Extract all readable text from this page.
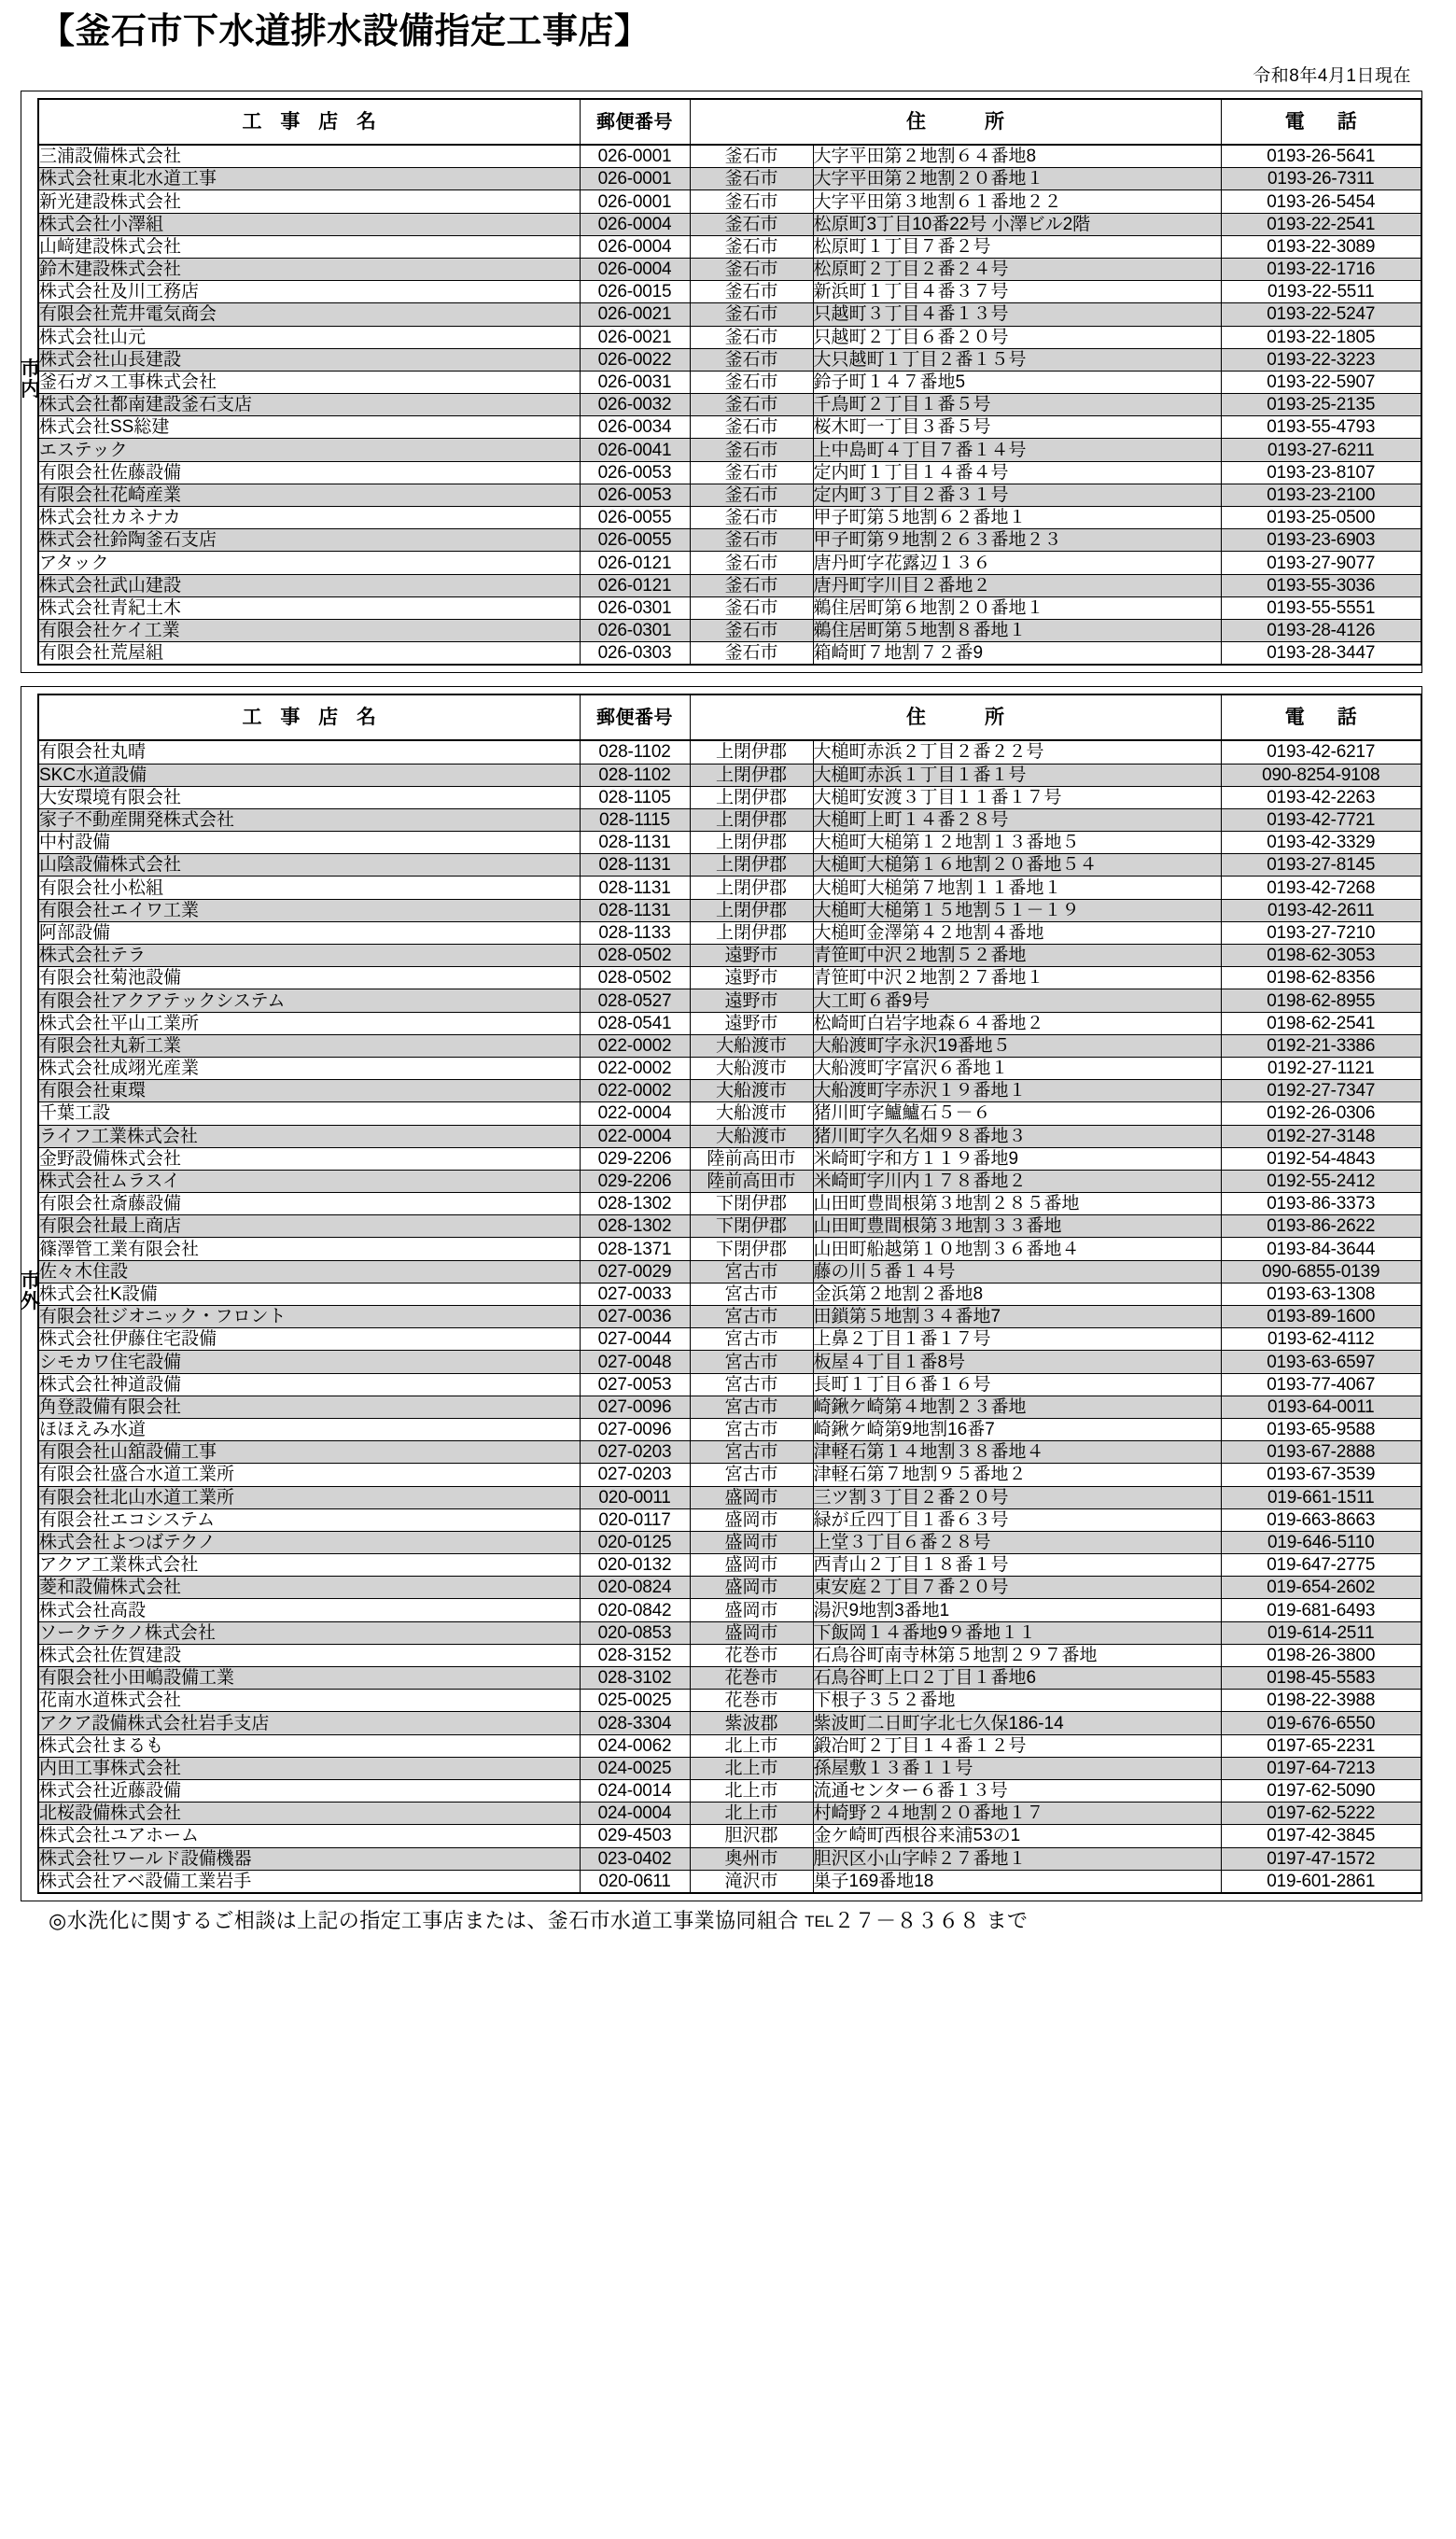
【釜石市下水道排水設備指定工事店】
令和8年4月1日現在
市
内
工 事 店 名	郵便番号	住　　所		電　話
三浦設備株式会社	026-0001	釜石市	大字平田第２地割６４番地8	0193-26-5641
株式会社東北水道工事	026-0001	釜石市	大字平田第２地割２０番地１	0193-26-7311
新光建設株式会社	026-0001	釜石市	大字平田第３地割６１番地２２	0193-26-5454
株式会社小澤組	026-0004	釜石市	松原町3丁目10番22号 小澤ビル2階	0193-22-2541
山﨑建設株式会社	026-0004	釜石市	松原町１丁目７番２号	0193-22-3089
鈴木建設株式会社	026-0004	釜石市	松原町２丁目２番２４号	0193-22-1716
株式会社及川工務店	026-0015	釜石市	新浜町１丁目４番３７号	0193-22-5511
有限会社荒井電気商会	026-0021	釜石市	只越町３丁目４番１３号	0193-22-5247
株式会社山元	026-0021	釜石市	只越町２丁目６番２０号	0193-22-1805
株式会社山長建設	026-0022	釜石市	大只越町１丁目２番１５号	0193-22-3223
釜石ガス工事株式会社	026-0031	釜石市	鈴子町１４７番地5	0193-22-5907
株式会社都南建設釜石支店	026-0032	釜石市	千鳥町２丁目１番５号	0193-25-2135
株式会社SS総建	026-0034	釜石市	桜木町一丁目３番５号	0193-55-4793
エステック	026-0041	釜石市	上中島町４丁目７番１４号	0193-27-6211
有限会社佐藤設備	026-0053	釜石市	定内町１丁目１４番４号	0193-23-8107
有限会社花崎産業	026-0053	釜石市	定内町３丁目２番３１号	0193-23-2100
株式会社カネナカ	026-0055	釜石市	甲子町第５地割６２番地１	0193-25-0500
株式会社鈴陶釜石支店	026-0055	釜石市	甲子町第９地割２６３番地２３	0193-23-6903
アタック	026-0121	釜石市	唐丹町字花露辺１３６	0193-27-9077
株式会社武山建設	026-0121	釜石市	唐丹町字川目２番地２	0193-55-3036
株式会社青紀土木	026-0301	釜石市	鵜住居町第６地割２０番地１	0193-55-5551
有限会社ケイ工業	026-0301	釜石市	鵜住居町第５地割８番地１	0193-28-4126
有限会社荒屋組	026-0303	釜石市	箱崎町７地割７２番9	0193-28-3447
市
外
工 事 店 名	郵便番号	住　　所		電　話
有限会社丸晴	028-1102	上閉伊郡	大槌町赤浜２丁目２番２２号	0193-42-6217
SKC水道設備	028-1102	上閉伊郡	大槌町赤浜１丁目１番１号	090-8254-9108
大安環境有限会社	028-1105	上閉伊郡	大槌町安渡３丁目１１番１７号	0193-42-2263
家子不動産開発株式会社	028-1115	上閉伊郡	大槌町上町１４番２８号	0193-42-7721
中村設備	028-1131	上閉伊郡	大槌町大槌第１２地割１３番地５	0193-42-3329
山陰設備株式会社	028-1131	上閉伊郡	大槌町大槌第１６地割２０番地５４	0193-27-8145
有限会社小松組	028-1131	上閉伊郡	大槌町大槌第７地割１１番地１	0193-42-7268
有限会社エイワ工業	028-1131	上閉伊郡	大槌町大槌第１５地割５１－１９	0193-42-2611
阿部設備	028-1133	上閉伊郡	大槌町金澤第４２地割４番地	0193-27-7210
株式会社テラ	028-0502	遠野市	青笹町中沢２地割５２番地	0198-62-3053
有限会社菊池設備	028-0502	遠野市	青笹町中沢２地割２７番地１	0198-62-8356
有限会社アクアテックシステム	028-0527	遠野市	大工町６番9号	0198-62-8955
株式会社平山工業所	028-0541	遠野市	松崎町白岩字地森６４番地２	0198-62-2541
有限会社丸新工業	022-0002	大船渡市	大船渡町字永沢19番地５	0192-21-3386
株式会社成翊光産業	022-0002	大船渡市	大船渡町字富沢６番地１	0192-27-1121
有限会社東環	022-0002	大船渡市	大船渡町字赤沢１９番地１	0192-27-7347
千葉工設	022-0004	大船渡市	猪川町字鱸鱸石５－６	0192-26-0306
ライフ工業株式会社	022-0004	大船渡市	猪川町字久名畑９８番地３	0192-27-3148
金野設備株式会社	029-2206	陸前高田市	米崎町字和方１１９番地9	0192-54-4843
株式会社ムラスイ	029-2206	陸前高田市	米崎町字川内１７８番地２	0192-55-2412
有限会社斎藤設備	028-1302	下閉伊郡	山田町豊間根第３地割２８５番地	0193-86-3373
有限会社最上商店	028-1302	下閉伊郡	山田町豊間根第３地割３３番地	0193-86-2622
篠澤管工業有限会社	028-1371	下閉伊郡	山田町船越第１０地割３６番地４	0193-84-3644
佐々木住設	027-0029	宮古市	藤の川５番１４号	090-6855-0139
株式会社K設備	027-0033	宮古市	金浜第２地割２番地8	0193-63-1308
有限会社ジオニック・フロント	027-0036	宮古市	田鎖第５地割３４番地7	0193-89-1600
株式会社伊藤住宅設備	027-0044	宮古市	上鼻２丁目１番１７号	0193-62-4112
シモカワ住宅設備	027-0048	宮古市	板屋４丁目１番8号	0193-63-6597
株式会社神道設備	027-0053	宮古市	長町１丁目６番１６号	0193-77-4067
角登設備有限会社	027-0096	宮古市	崎鍬ケ崎第４地割２３番地	0193-64-0011
ほほえみ水道	027-0096	宮古市	崎鍬ケ崎第9地割16番7	0193-65-9588
有限会社山舘設備工事	027-0203	宮古市	津軽石第１４地割３８番地４	0193-67-2888
有限会社盛合水道工業所	027-0203	宮古市	津軽石第７地割９５番地２	0193-67-3539
有限会社北山水道工業所	020-0011	盛岡市	三ツ割３丁目２番２０号	019-661-1511
有限会社エコシステム	020-0117	盛岡市	緑が丘四丁目１番６３号	019-663-8663
株式会社よつばテクノ	020-0125	盛岡市	上堂３丁目６番２８号	019-646-5110
アクア工業株式会社	020-0132	盛岡市	西青山２丁目１８番１号	019-647-2775
菱和設備株式会社	020-0824	盛岡市	東安庭２丁目７番２０号	019-654-2602
株式会社高設	020-0842	盛岡市	湯沢9地割3番地1	019-681-6493
ソークテクノ株式会社	020-0853	盛岡市	下飯岡１４番地9９番地１１	019-614-2511
株式会社佐賀建設	028-3152	花巻市	石鳥谷町南寺林第５地割２９７番地	0198-26-3800
有限会社小田嶋設備工業	028-3102	花巻市	石鳥谷町上口２丁目１番地6	0198-45-5583
花南水道株式会社	025-0025	花巻市	下根子３５２番地	0198-22-3988
アクア設備株式会社岩手支店	028-3304	紫波郡	紫波町二日町字北七久保186-14	019-676-6550
株式会社まるも	024-0062	北上市	鍛冶町２丁目１４番１２号	0197-65-2231
内田工事株式会社	024-0025	北上市	孫屋敷１３番１１号	0197-64-7213
株式会社近藤設備	024-0014	北上市	流通センター６番１３号	0197-62-5090
北桜設備株式会社	024-0004	北上市	村崎野２４地割２０番地１７	0197-62-5222
株式会社ユアホーム	029-4503	胆沢郡	金ケ崎町西根谷来浦53の1	0197-42-3845
株式会社ワールド設備機器	023-0402	奥州市	胆沢区小山字峠２７番地１	0197-47-1572
株式会社アベ設備工業岩手	020-0611	滝沢市	巣子169番地18	019-601-2861
◎水洗化に関するご相談は上記の指定工事店または、釜石市水道工事業協同組合 TEL２７－８３６８ まで
